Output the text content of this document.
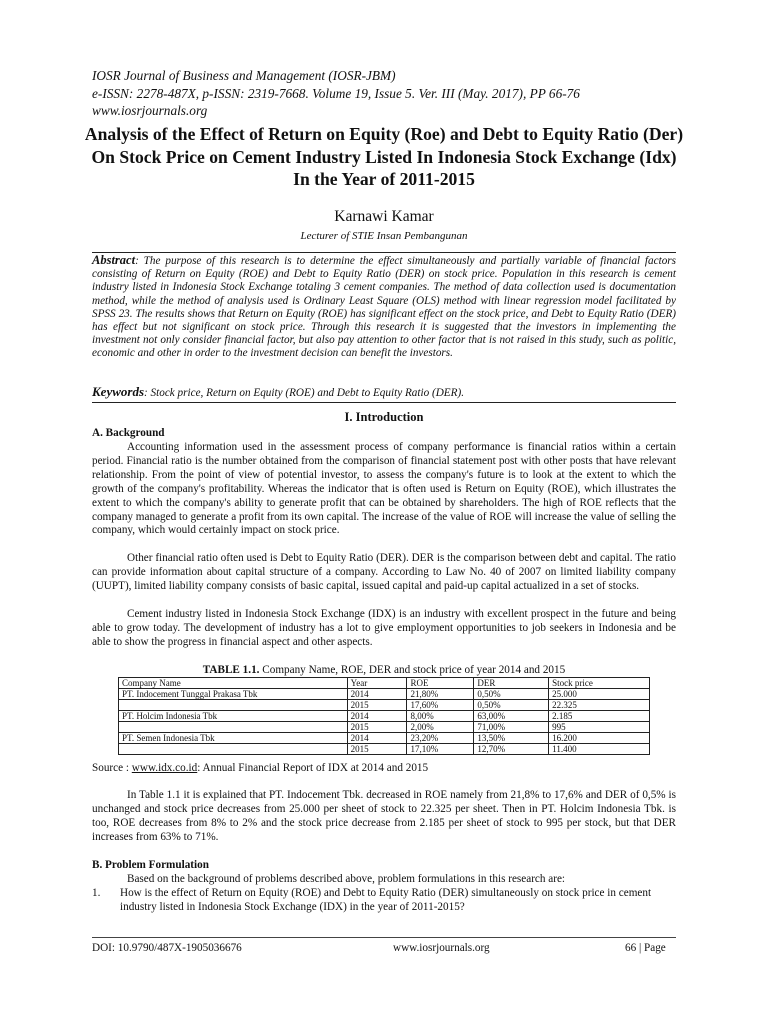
IOSR Journal of Business and Management (IOSR-JBM)
e-ISSN: 2278-487X, p-ISSN: 2319-7668. Volume 19, Issue 5. Ver. III (May. 2017), PP 66-76
www.iosrjournals.org
Analysis of the Effect of Return on Equity (Roe) and Debt to Equity Ratio (Der) On Stock Price on Cement Industry Listed In Indonesia Stock Exchange (Idx) In the Year of 2011-2015
Karnawi Kamar
Lecturer of STIE Insan Pembangunan
Abstract: The purpose of this research is to determine the effect simultaneously and partially variable of financial factors consisting of Return on Equity (ROE) and Debt to Equity Ratio (DER) on stock price. Population in this research is cement industry listed in Indonesia Stock Exchange totaling 3 cement companies. The method of data collection used is documentation method, while the method of analysis used is Ordinary Least Square (OLS) method with linear regression model facilitated by SPSS 23. The results shows that Return on Equity (ROE) has significant effect on the stock price, and Debt to Equity Ratio (DER) has effect but not significant on stock price. Through this research it is suggested that the investors in implementing the investment not only consider financial factor, but also pay attention to other factor that is not raised in this study, such as politic, economic and other in order to the investment decision can benefit the investors.
Keywords: Stock price, Return on Equity (ROE) and Debt to Equity Ratio (DER).
I. Introduction
A. Background
Accounting information used in the assessment process of company performance is financial ratios within a certain period. Financial ratio is the number obtained from the comparison of financial statement post with other posts that have relevant relationship. From the point of view of potential investor, to assess the company's future is to look at the extent to which the growth of the company's profitability. Whereas the indicator that is often used is Return on Equity (ROE), which illustrates the extent to which the company's ability to generate profit that can be obtained by shareholders. The high of ROE reflects that the company managed to generate a profit from its own capital. The increase of the value of ROE will increase the value of selling the company, which would certainly impact on stock price.
Other financial ratio often used is Debt to Equity Ratio (DER). DER is the comparison between debt and capital. The ratio can provide information about capital structure of a company. According to Law No. 40 of 2007 on limited liability company (UUPT), limited liability company consists of basic capital, issued capital and paid-up capital actualized in a set of stocks.
Cement industry listed in Indonesia Stock Exchange (IDX) is an industry with excellent prospect in the future and being able to grow today. The development of industry has a lot to give employment opportunities to job seekers in Indonesia and be able to show the progress in financial aspect and other aspects.
TABLE 1.1. Company Name, ROE, DER and stock price of year 2014 and 2015
Company Name	Year	ROE	DER	Stock price
PT. Indocement Tunggal Prakasa Tbk	2014	21,80%	0,50%	25.000
	2015	17,60%	0,50%	22.325
PT. Holcim Indonesia Tbk	2014	8,00%	63,00%	2.185
	2015	2,00%	71,00%	995
PT. Semen Indonesia Tbk	2014	23,20%	13,50%	16.200
	2015	17,10%	12,70%	11.400
Source : www.idx.co.id: Annual Financial Report of IDX at 2014 and 2015
In Table 1.1 it is explained that PT. Indocement Tbk. decreased in ROE namely from 21,8% to 17,6% and DER of 0,5% is unchanged and stock price decreases from 25.000 per sheet of stock to 22.325 per sheet. Then in PT. Holcim Indonesia Tbk. is too, ROE decreases from 8% to 2% and the stock price decrease from 2.185 per sheet of stock to 995 per stock, but that DER increases from 63% to 71%.
B. Problem Formulation
Based on the background of problems described above, problem formulations in this research are:
1. How is the effect of Return on Equity (ROE) and Debt to Equity Ratio (DER) simultaneously on stock price in cement industry listed in Indonesia Stock Exchange (IDX) in the year of 2011-2015?
DOI: 10.9790/487X-1905036676	www.iosrjournals.org	66 | Page
